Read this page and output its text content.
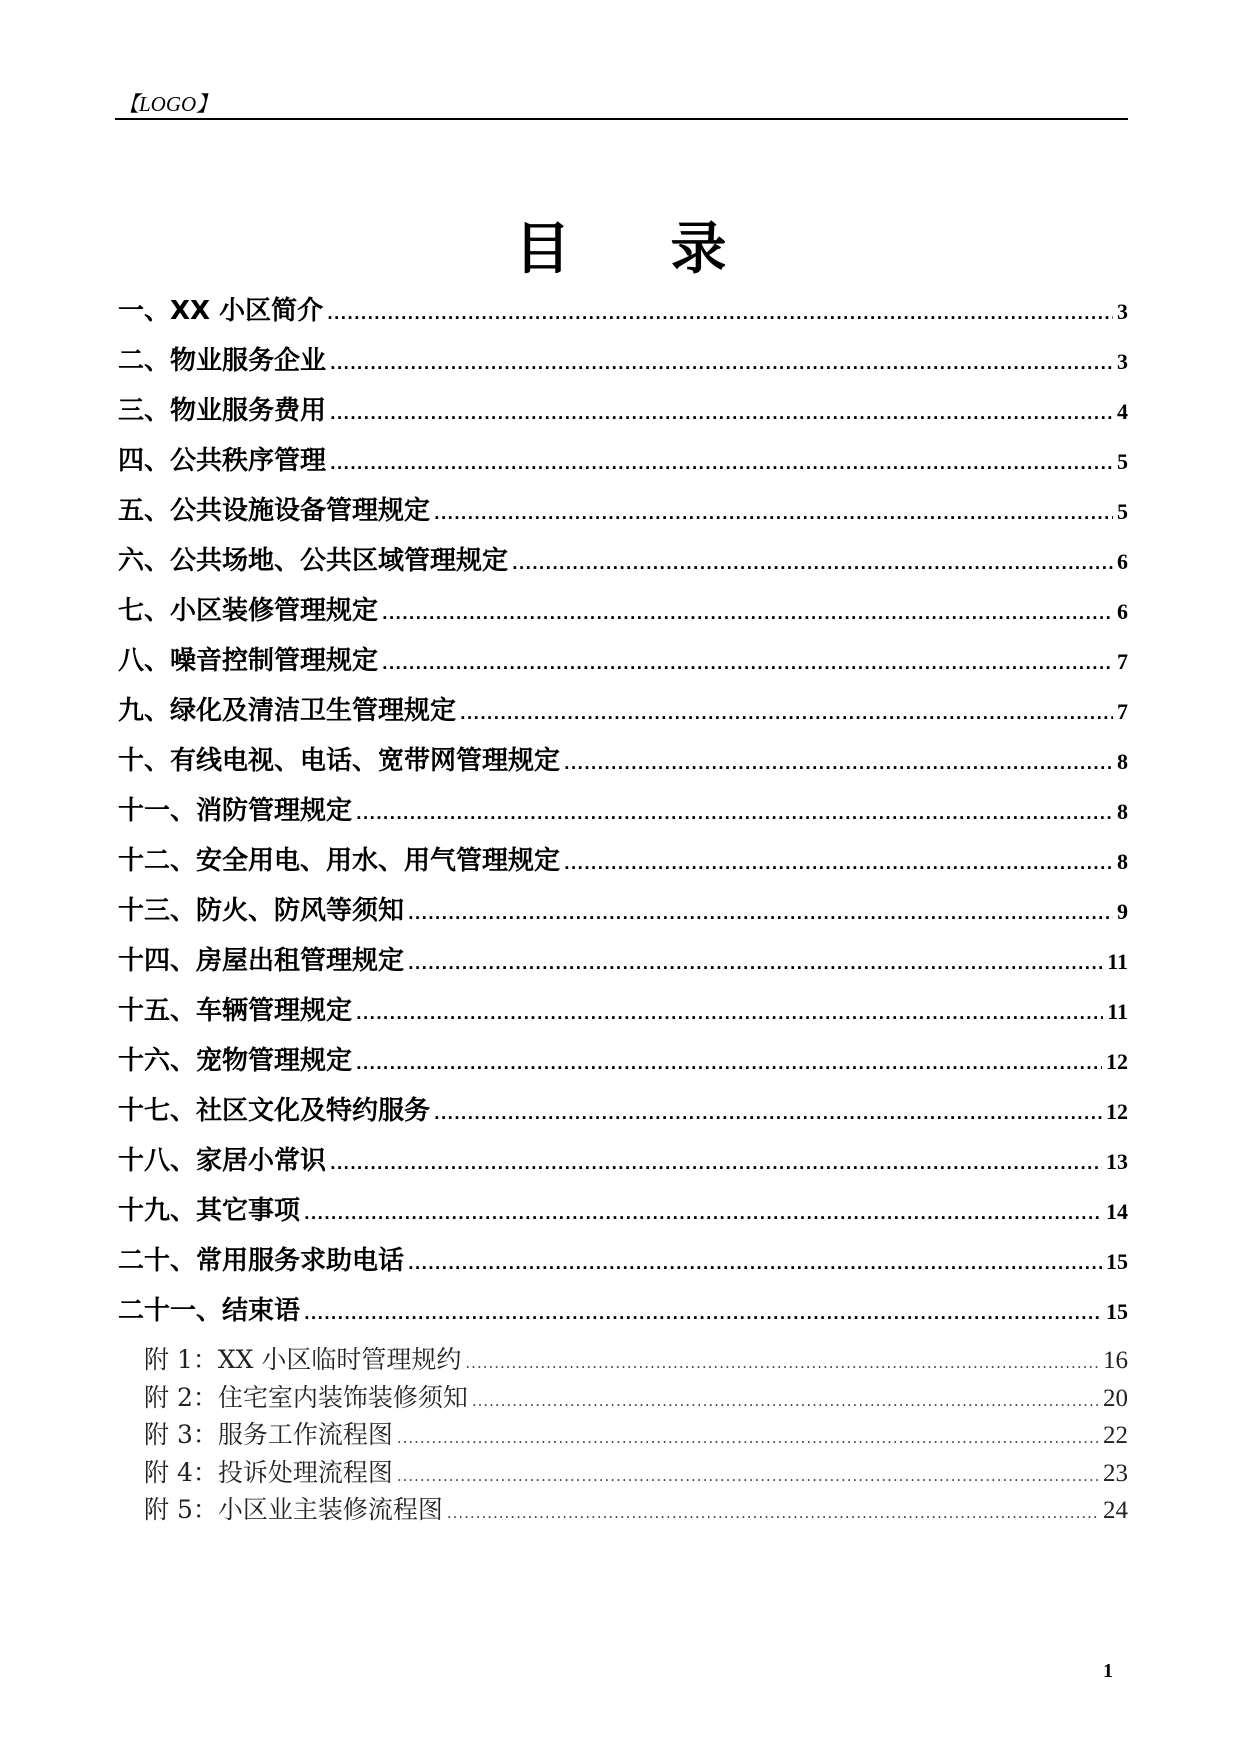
【LOGO】
目 录
一、XX 小区简介 .....	3
二、物业服务企业 .....	3
三、物业服务费用 .....	4
四、公共秩序管理 .....	5
五、公共设施设备管理规定 .....	5
六、公共场地、公共区域管理规定 .....	6
七、小区装修管理规定 .....	6
八、噪音控制管理规定 .....	7
九、绿化及清洁卫生管理规定 .....	7
十、有线电视、电话、宽带网管理规定 .....	8
十一、消防管理规定 .....	8
十二、安全用电、用水、用气管理规定 .....	8
十三、防火、防风等须知 .....	9
十四、房屋出租管理规定 .....	11
十五、车辆管理规定 .....	11
十六、宠物管理规定 .....	12
十七、社区文化及特约服务 .....	12
十八、家居小常识 .....	13
十九、其它事项 .....	14
二十、常用服务求助电话 .....	15
二十一、结束语 .....	15
附 1：XX 小区临时管理规约 .....	16
附 2：住宅室内装饰装修须知 .....	20
附 3：服务工作流程图 .....	22
附 4：投诉处理流程图 .....	23
附 5：小区业主装修流程图 .....	24
1
